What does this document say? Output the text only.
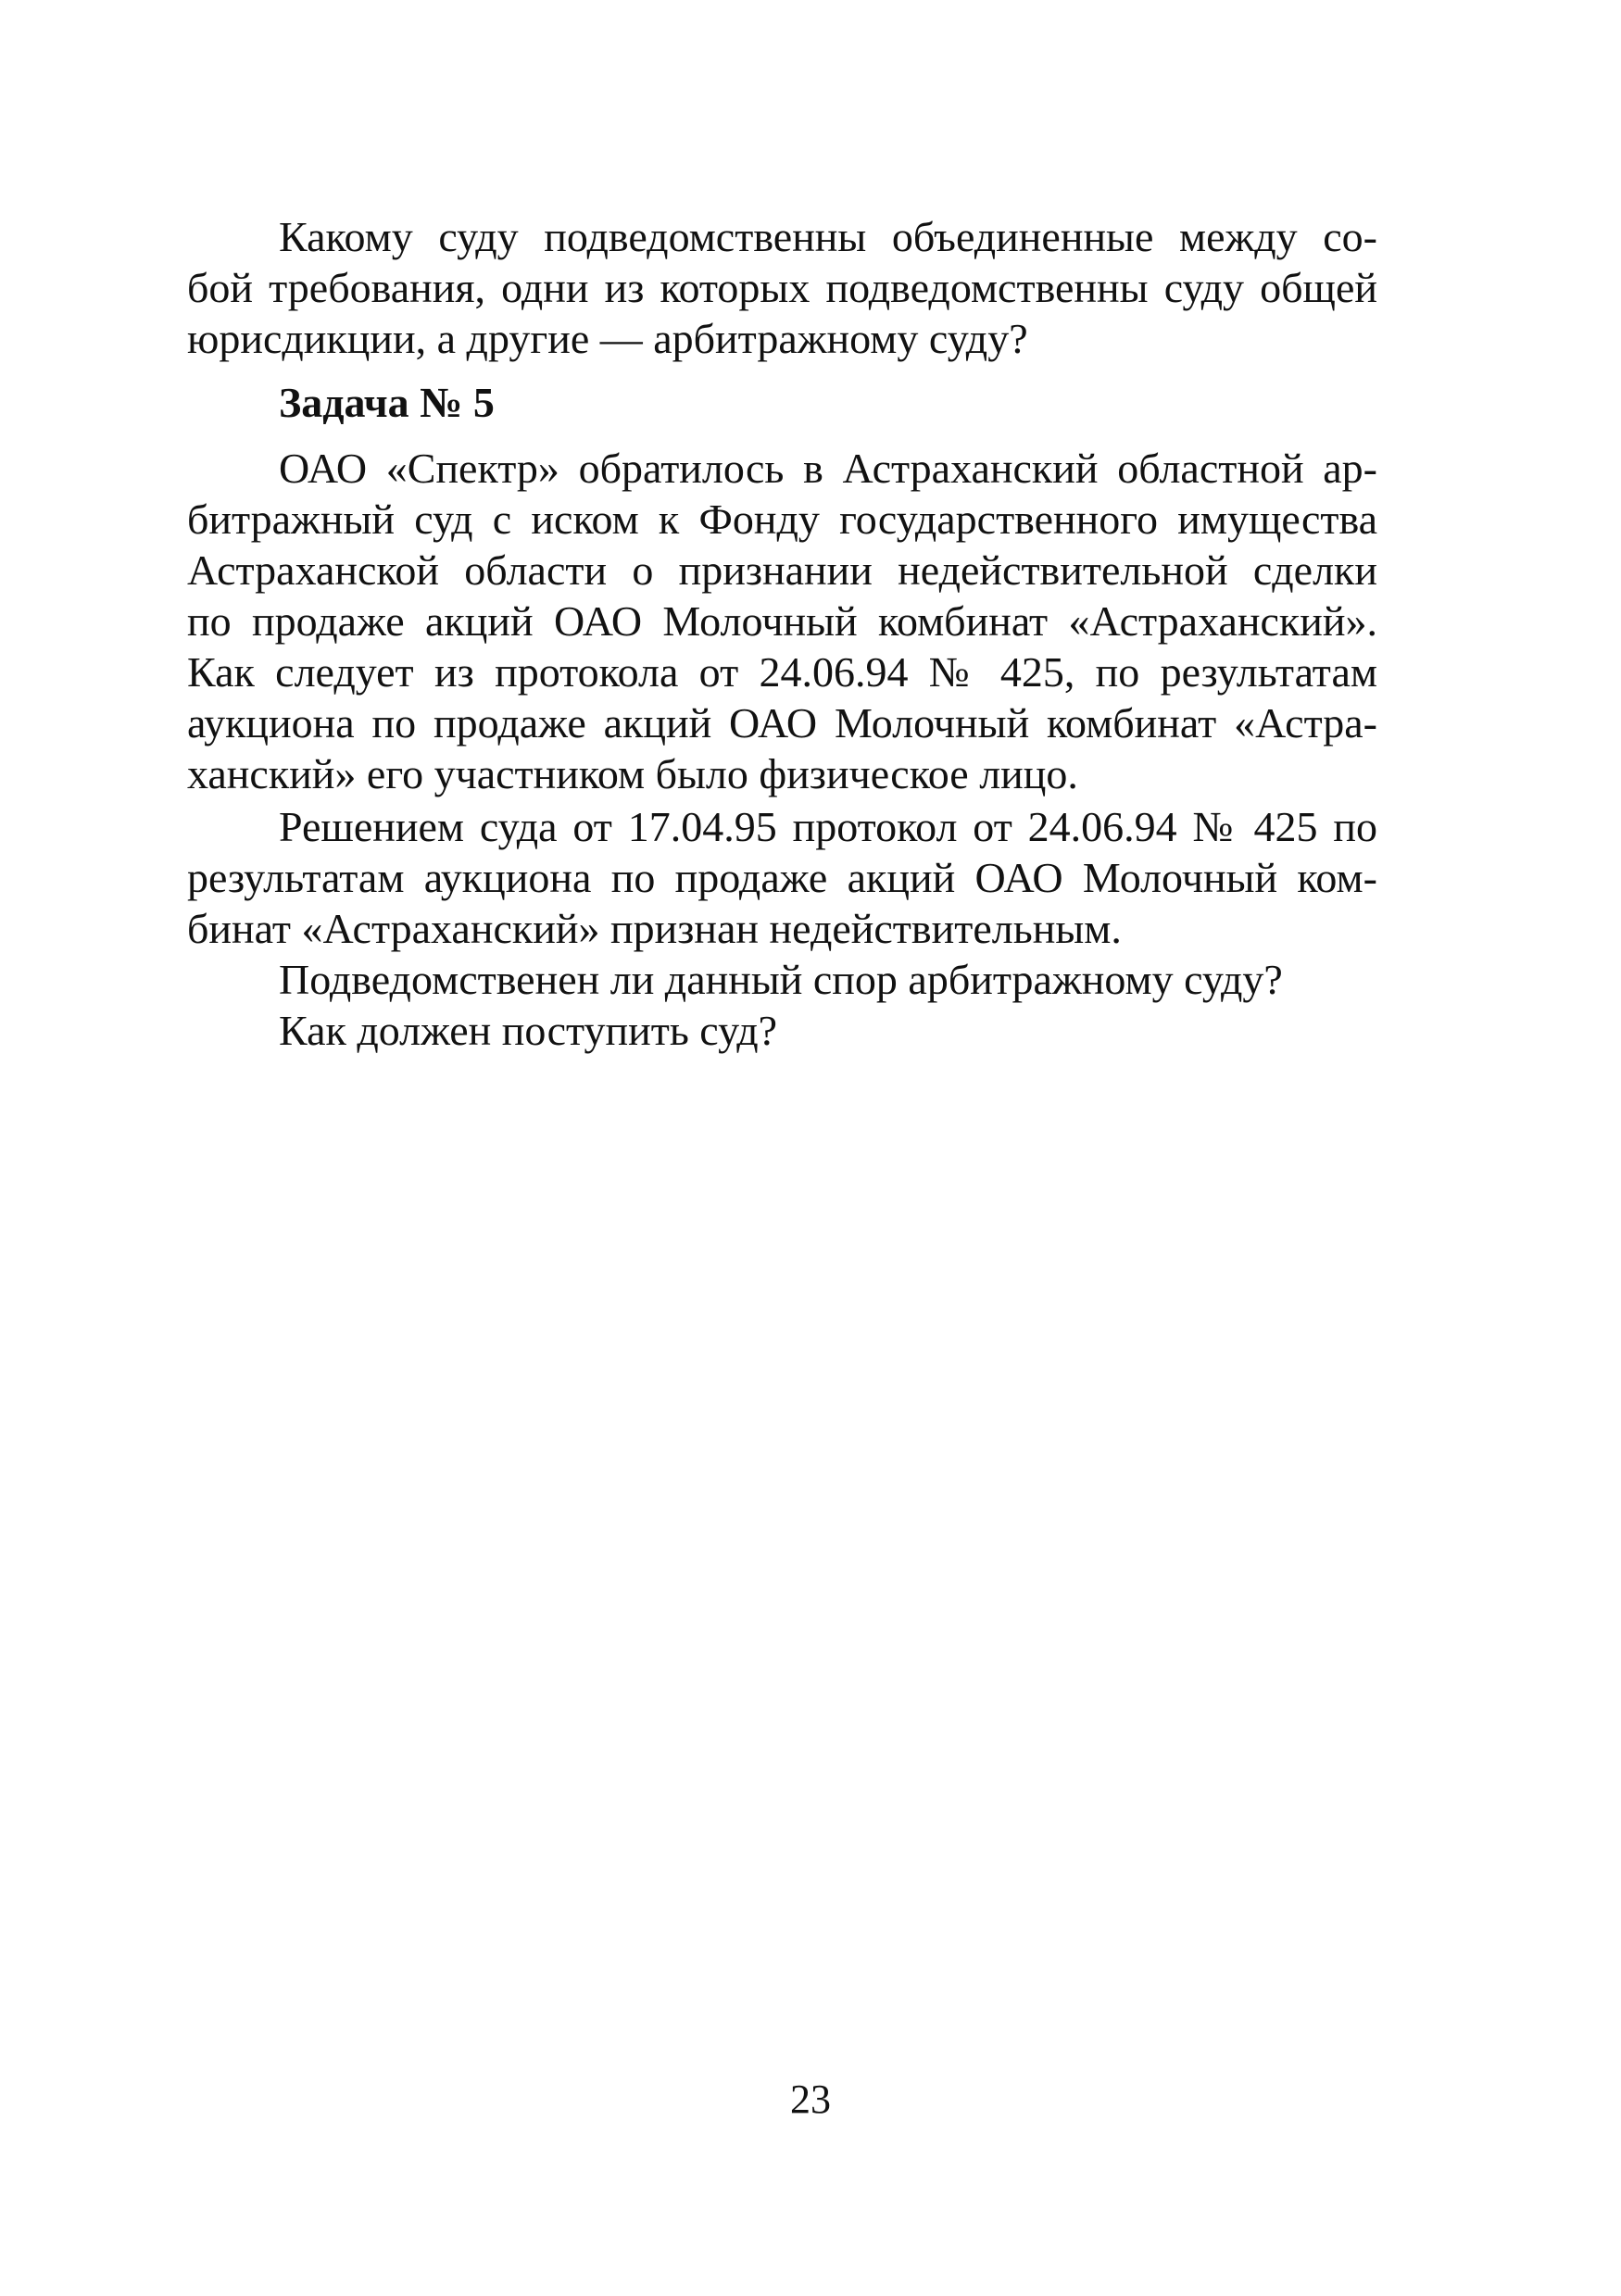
Какому суду подведомственны объединенные между со-
бой требования, одни из которых подведомственны суду общей
юрисдикции, а другие — арбитражному суду?
Задача № 5
ОАО «Спектр» обратилось в Астраханский областной ар-
битражный суд с иском к Фонду государственного имущества
Астраханской области о признании недействительной сделки
по продаже акций ОАО Молочный комбинат «Астраханский».
Как следует из протокола от 24.06.94 № 425, по результатам
аукциона по продаже акций ОАО Молочный комбинат «Астра-
ханский» его участником было физическое лицо.
Решением суда от 17.04.95 протокол от 24.06.94 № 425 по
результатам аукциона по продаже акций ОАО Молочный ком-
бинат «Астраханский» признан недействительным.
Подведомственен ли данный спор арбитражному суду?
Как должен поступить суд?
23
